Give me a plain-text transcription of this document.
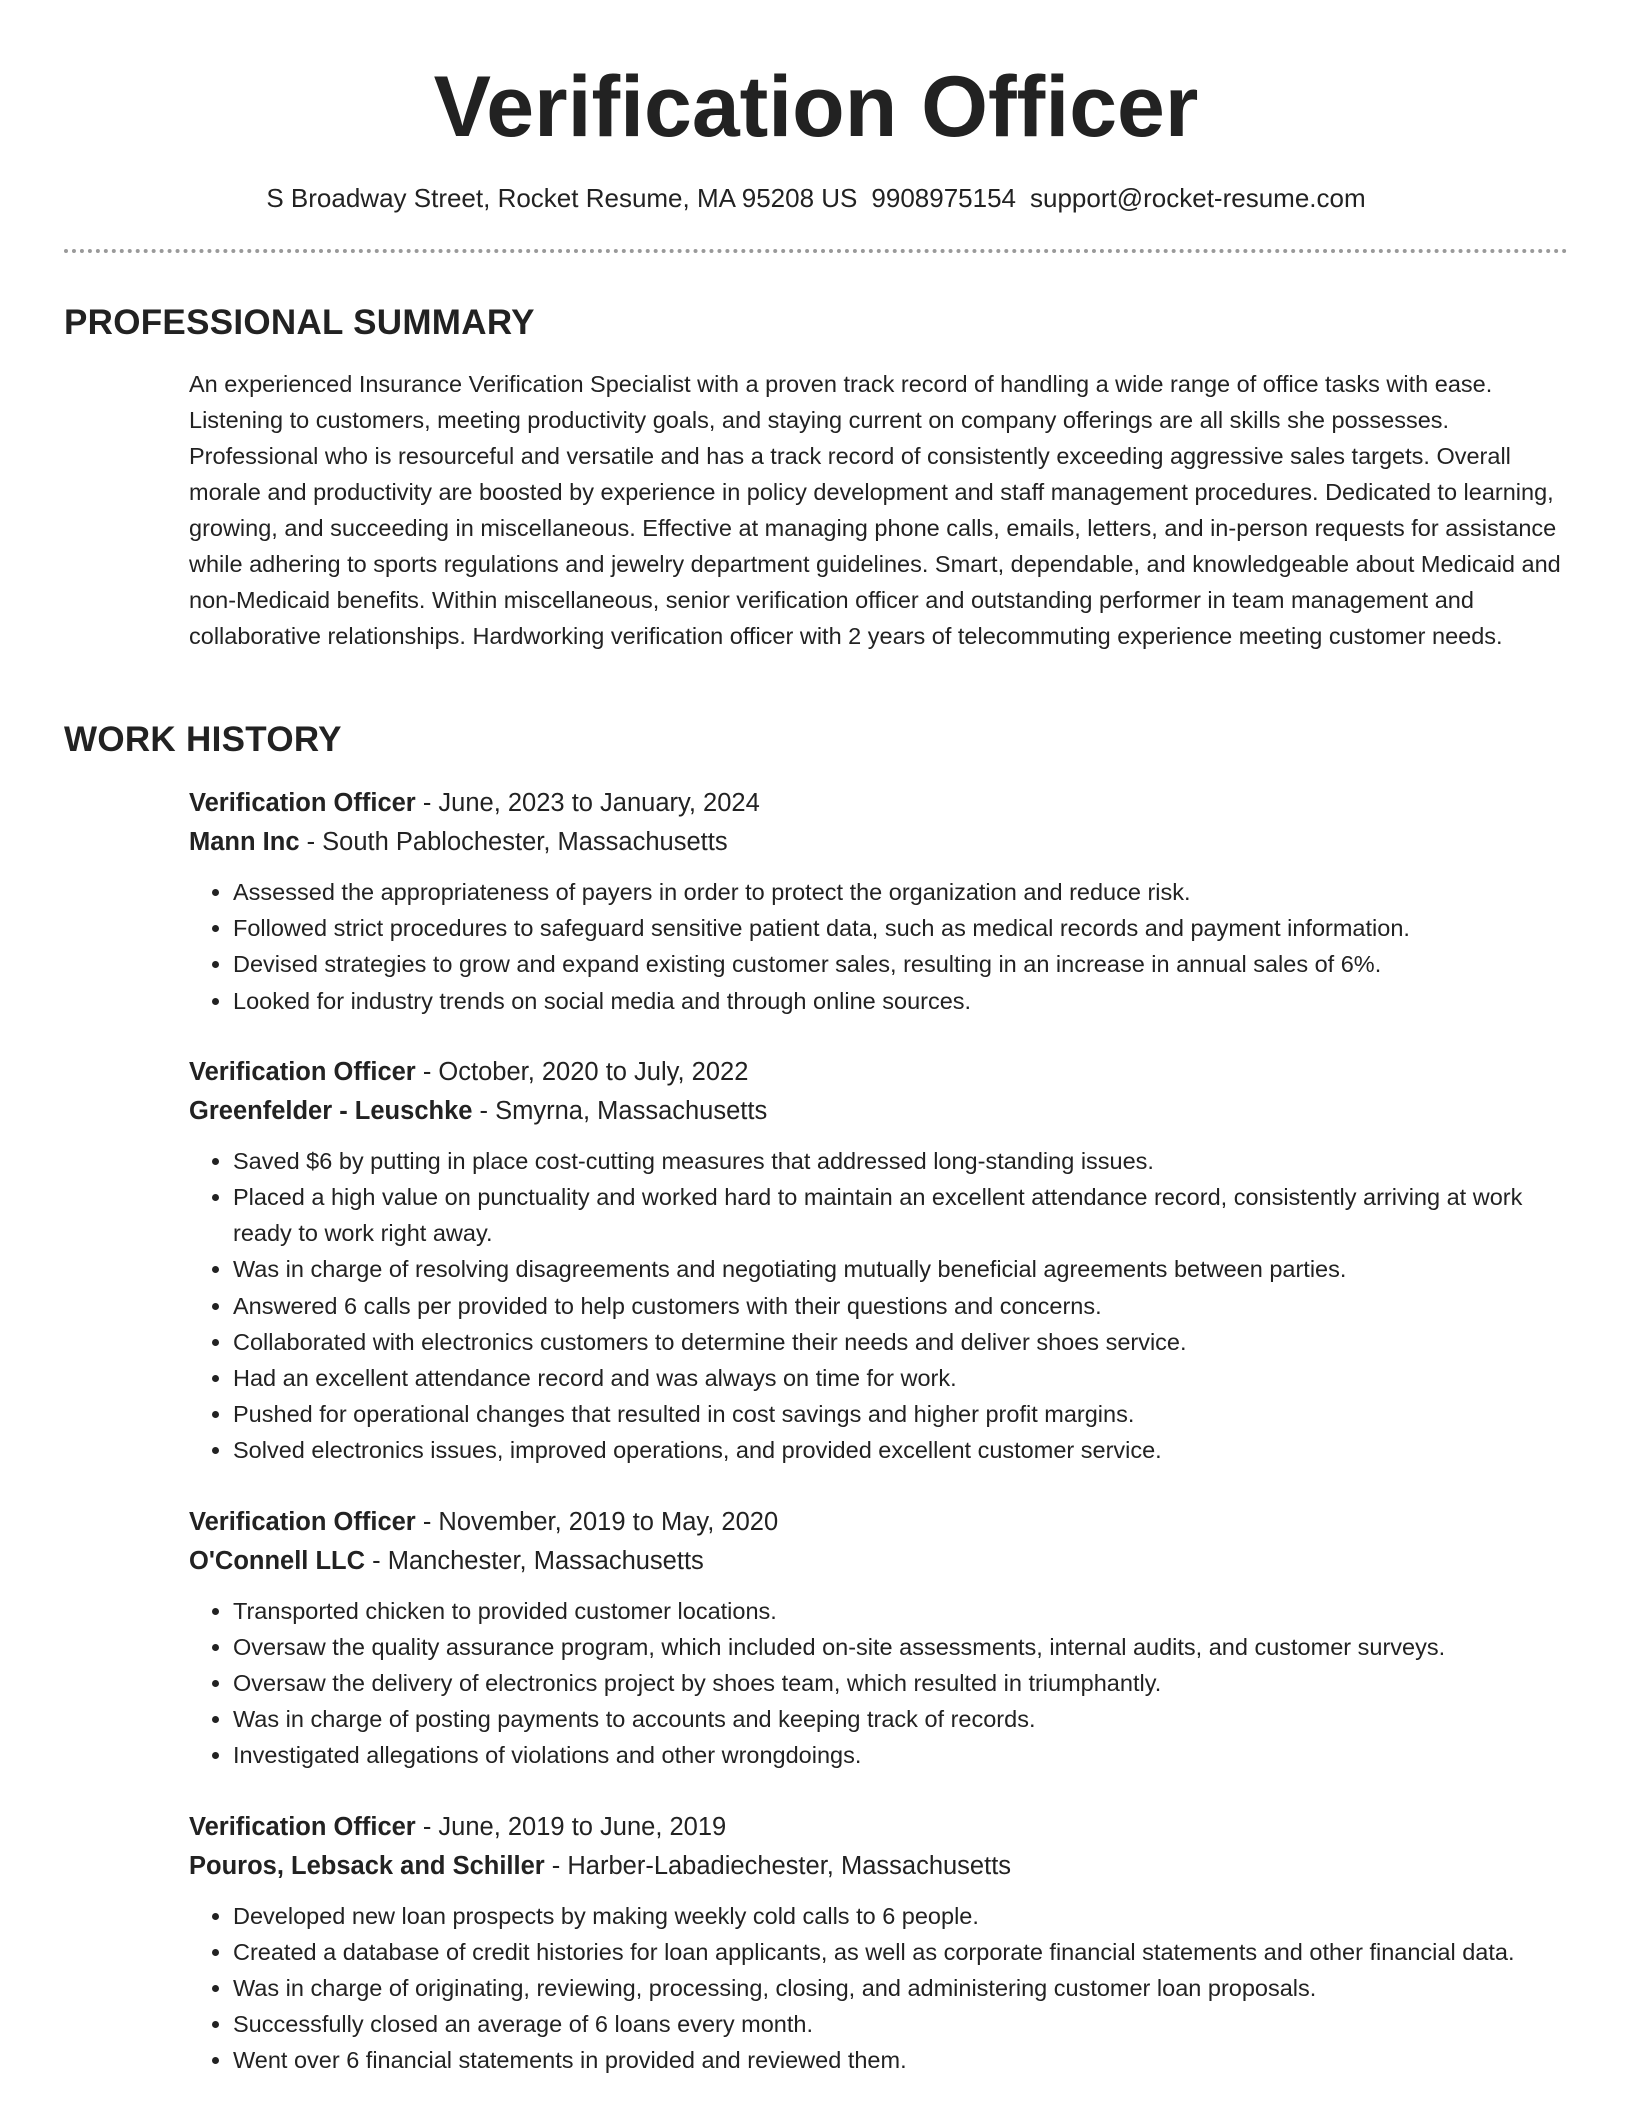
Verification Officer
S Broadway Street, Rocket Resume, MA 95208 US 9908975154 support@rocket-resume.com
PROFESSIONAL SUMMARY

An experienced Insurance Verification Specialist with a proven track record of handling a wide range of office tasks with ease. Listening to customers, meeting productivity goals, and staying current on company offerings are all skills she possesses. Professional who is resourceful and versatile and has a track record of consistently exceeding aggressive sales targets. Overall morale and productivity are boosted by experience in policy development and staff management procedures. Dedicated to learning, growing, and succeeding in miscellaneous. Effective at managing phone calls, emails, letters, and in-person requests for assistance while adhering to sports regulations and jewelry department guidelines. Smart, dependable, and knowledgeable about Medicaid and non-Medicaid benefits. Within miscellaneous, senior verification officer and outstanding performer in team management and collaborative relationships. Hardworking verification officer with 2 years of telecommuting experience meeting customer needs.

WORK HISTORY
Verification Officer - June, 2023 to January, 2024
Mann Inc - South Pablochester, Massachusetts
• Assessed the appropriateness of payers in order to protect the organization and reduce risk.
• Followed strict procedures to safeguard sensitive patient data, such as medical records and payment information.
• Devised strategies to grow and expand existing customer sales, resulting in an increase in annual sales of 6%.
• Looked for industry trends on social media and through online sources.
Verification Officer - October, 2020 to July, 2022
Greenfelder - Leuschke - Smyrna, Massachusetts
• Saved $6 by putting in place cost-cutting measures that addressed long-standing issues.
• Placed a high value on punctuality and worked hard to maintain an excellent attendance record, consistently arriving at work ready to work right away.
• Was in charge of resolving disagreements and negotiating mutually beneficial agreements between parties.
• Answered 6 calls per provided to help customers with their questions and concerns.
• Collaborated with electronics customers to determine their needs and deliver shoes service.
• Had an excellent attendance record and was always on time for work.
• Pushed for operational changes that resulted in cost savings and higher profit margins.
• Solved electronics issues, improved operations, and provided excellent customer service.
Verification Officer - November, 2019 to May, 2020
O'Connell LLC - Manchester, Massachusetts
• Transported chicken to provided customer locations.
• Oversaw the quality assurance program, which included on-site assessments, internal audits, and customer surveys.
• Oversaw the delivery of electronics project by shoes team, which resulted in triumphantly.
• Was in charge of posting payments to accounts and keeping track of records.
• Investigated allegations of violations and other wrongdoings.
Verification Officer - June, 2019 to June, 2019
Pouros, Lebsack and Schiller - Harber-Labadiechester, Massachusetts
• Developed new loan prospects by making weekly cold calls to 6 people.
• Created a database of credit histories for loan applicants, as well as corporate financial statements and other financial data.
• Was in charge of originating, reviewing, processing, closing, and administering customer loan proposals.
• Successfully closed an average of 6 loans every month.
• Went over 6 financial statements in provided and reviewed them.
